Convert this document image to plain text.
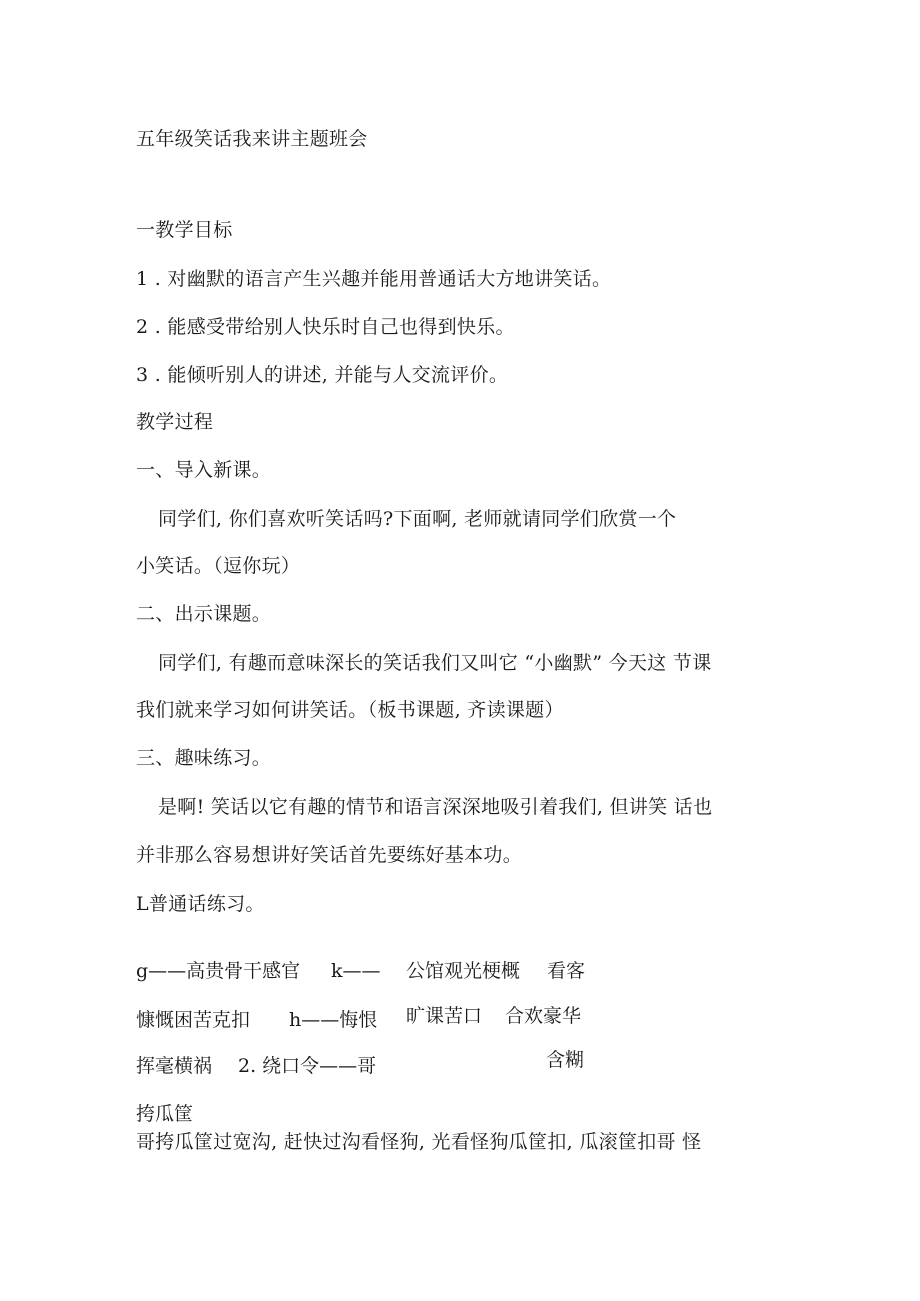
五年级笑话我来讲主题班会
一教学目标
1 . 对幽默的语言产生兴趣并能用普通话大方地讲笑话。
2 . 能感受带给别人快乐时自己也得到快乐。
3 . 能倾听别人的讲述, 并能与人交流评价。
教学过程
一、导入新课。
同学们, 你们喜欢听笑话吗?下面啊, 老师就请同学们欣赏一个
小笑话。（逗你玩）
二、出示课题。
同学们, 有趣而意味深长的笑话我们又叫它 “小幽默” 今天这 节课
我们就来学习如何讲笑话。（板书课题, 齐读课题）
三、趣味练习。
是啊! 笑话以它有趣的情节和语言深深地吸引着我们, 但讲笑 话也
并非那么容易想讲好笑话首先要练好基本功。
L普通话练习。
g——高贵骨干感官 k—— 公馆观光梗概 看客
慷慨困苦克扣 h——悔恨 旷课苦口 合欢豪华
挥毫横祸 2. 绕口令——哥	含糊
挎瓜筐
哥挎瓜筐过宽沟, 赶快过沟看怪狗, 光看怪狗瓜筐扣, 瓜滚筐扣哥 怪
